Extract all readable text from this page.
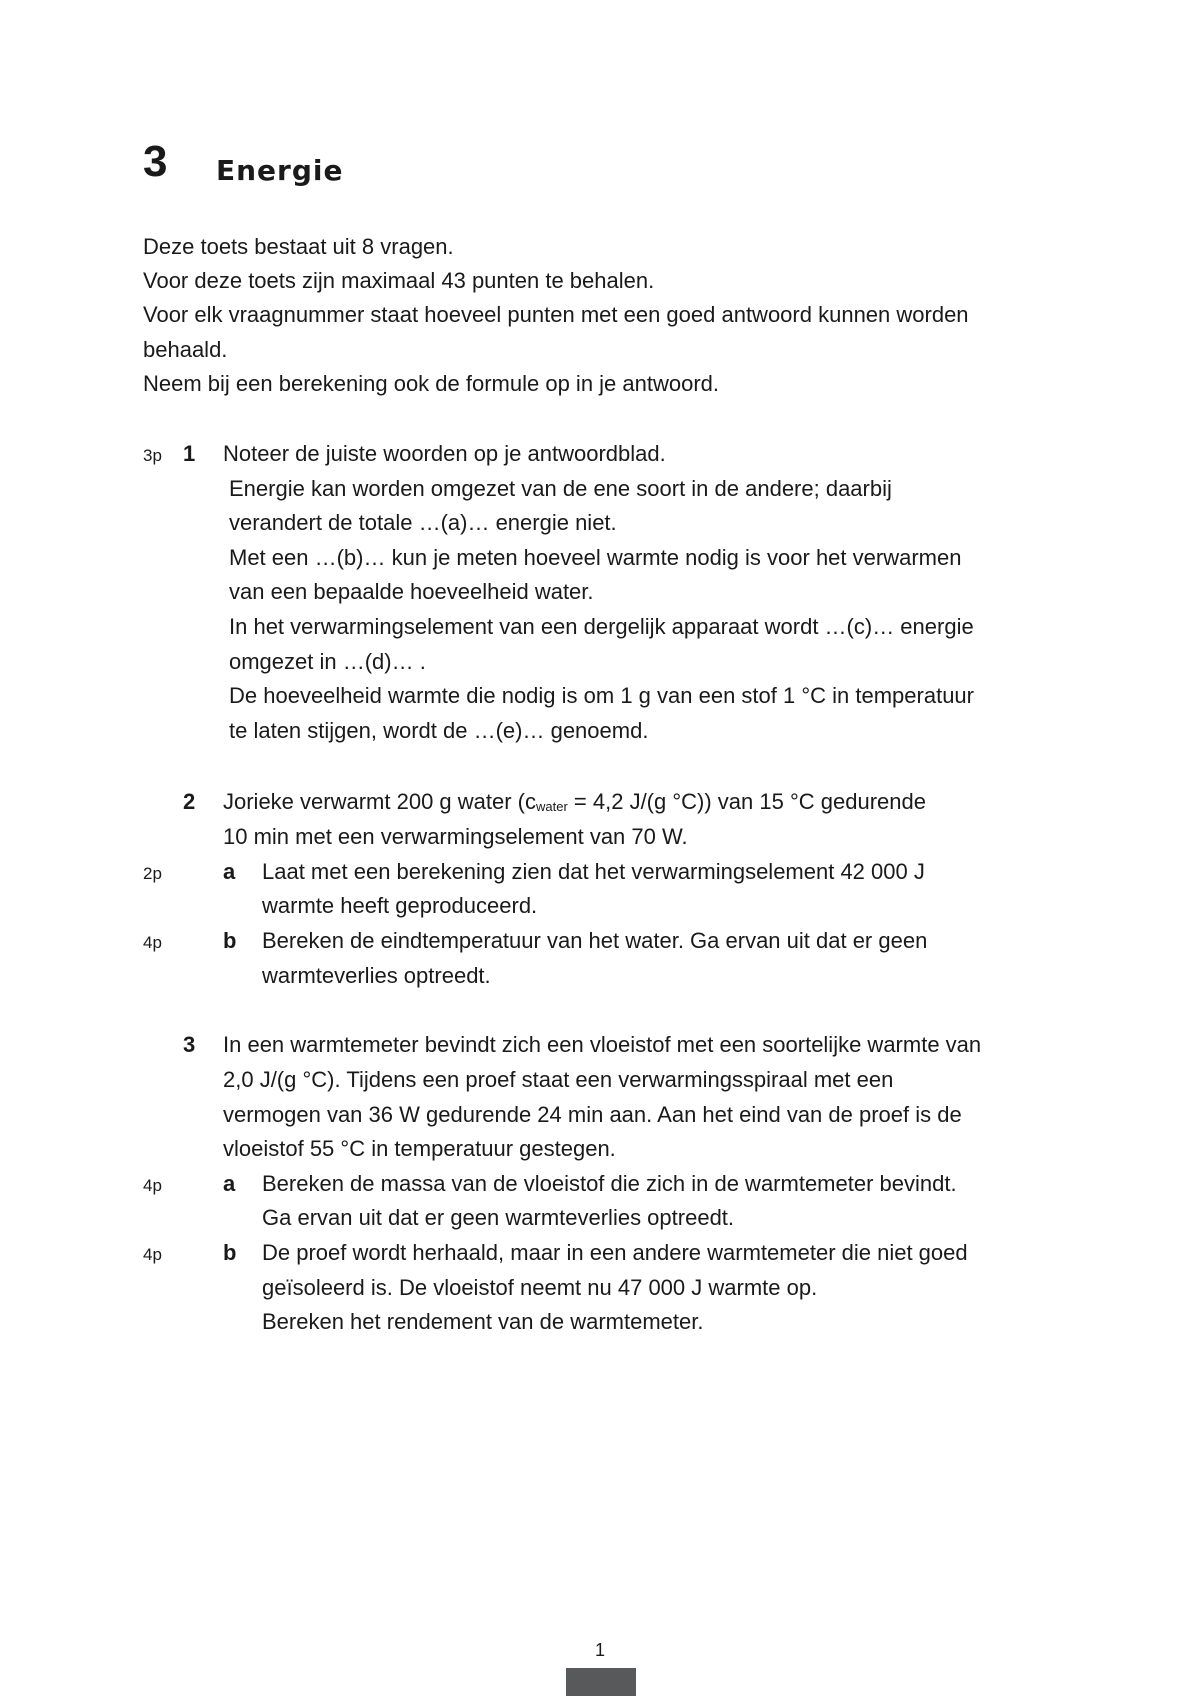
3 Energie
Deze toets bestaat uit 8 vragen.
Voor deze toets zijn maximaal 43 punten te behalen.
Voor elk vraagnummer staat hoeveel punten met een goed antwoord kunnen worden
behaald.
Neem bij een berekening ook de formule op in je antwoord.
3p 1 Noteer de juiste woorden op je antwoordblad.
Energie kan worden omgezet van de ene soort in de andere; daarbij
verandert de totale …(a)… energie niet.
Met een …(b)… kun je meten hoeveel warmte nodig is voor het verwarmen
van een bepaalde hoeveelheid water.
In het verwarmingselement van een dergelijk apparaat wordt …(c)… energie
omgezet in …(d)… .
De hoeveelheid warmte die nodig is om 1 g van een stof 1 °C in temperatuur
te laten stijgen, wordt de …(e)… genoemd.
2 Jorieke verwarmt 200 g water (cwater = 4,2 J/(g °C)) van 15 °C gedurende
10 min met een verwarmingselement van 70 W.
2p	a Laat met een berekening zien dat het verwarmingselement 42 000 J
warmte heeft geproduceerd.
4p	b Bereken de eindtemperatuur van het water. Ga ervan uit dat er geen
warmteverlies optreedt.
3 In een warmtemeter bevindt zich een vloeistof met een soortelijke warmte van
2,0 J/(g °C). Tijdens een proef staat een verwarmingsspiraal met een
vermogen van 36 W gedurende 24 min aan. Aan het eind van de proef is de
vloeistof 55 °C in temperatuur gestegen.
4p	a Bereken de massa van de vloeistof die zich in de warmtemeter bevindt.
Ga ervan uit dat er geen warmteverlies optreedt.
4p	b De proef wordt herhaald, maar in een andere warmtemeter die niet goed
geïsoleerd is. De vloeistof neemt nu 47 000 J warmte op.
Bereken het rendement van de warmtemeter.
1
